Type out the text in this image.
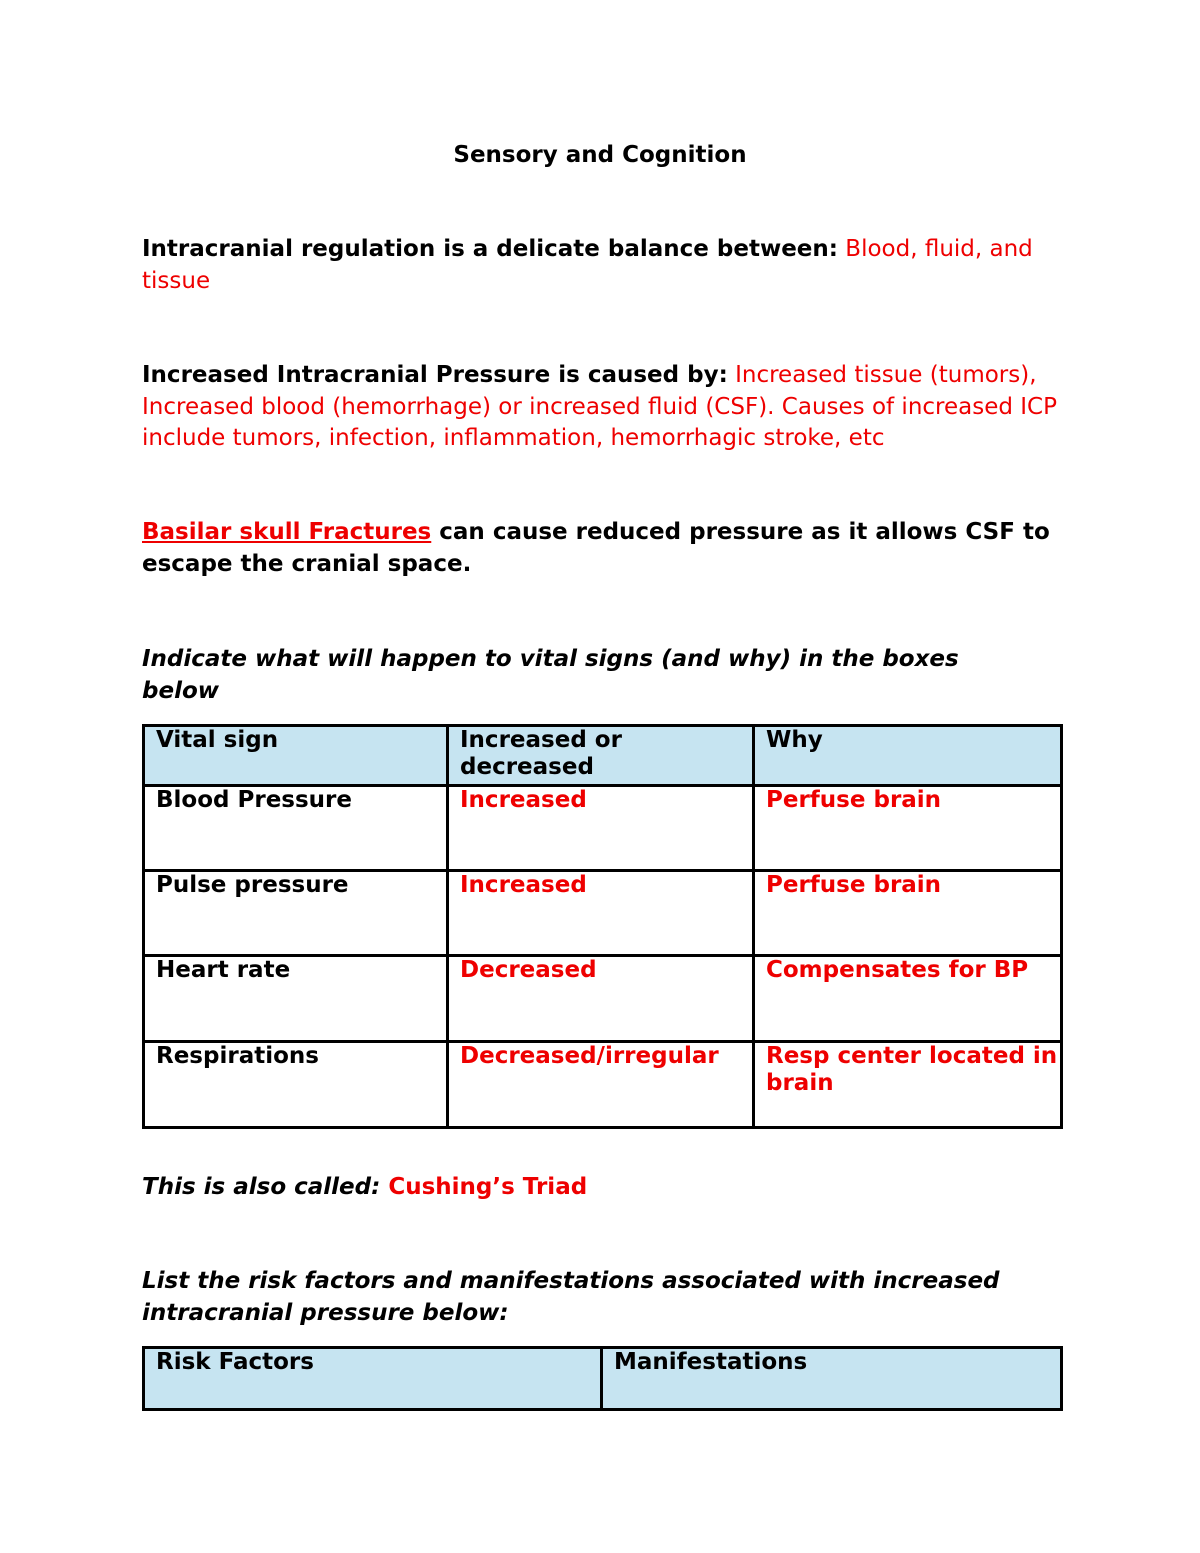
Sensory and Cognition
Intracranial regulation is a delicate balance between: Blood, fluid, and tissue
Increased Intracranial Pressure is caused by: Increased tissue (tumors), Increased blood (hemorrhage) or increased fluid (CSF). Causes of increased ICP include tumors, infection, inflammation, hemorrhagic stroke, etc
Basilar skull Fractures can cause reduced pressure as it allows CSF to escape the cranial space.
Indicate what will happen to vital signs (and why) in the boxes below
Vital sign	Increased or decreased	Why
Blood Pressure	Increased	Perfuse brain
Pulse pressure	Increased	Perfuse brain
Heart rate	Decreased	Compensates for BP
Respirations	Decreased/irregular	Resp center located in brain
This is also called: Cushing’s Triad
List the risk factors and manifestations associated with increased intracranial pressure below:
Risk Factors	Manifestations
